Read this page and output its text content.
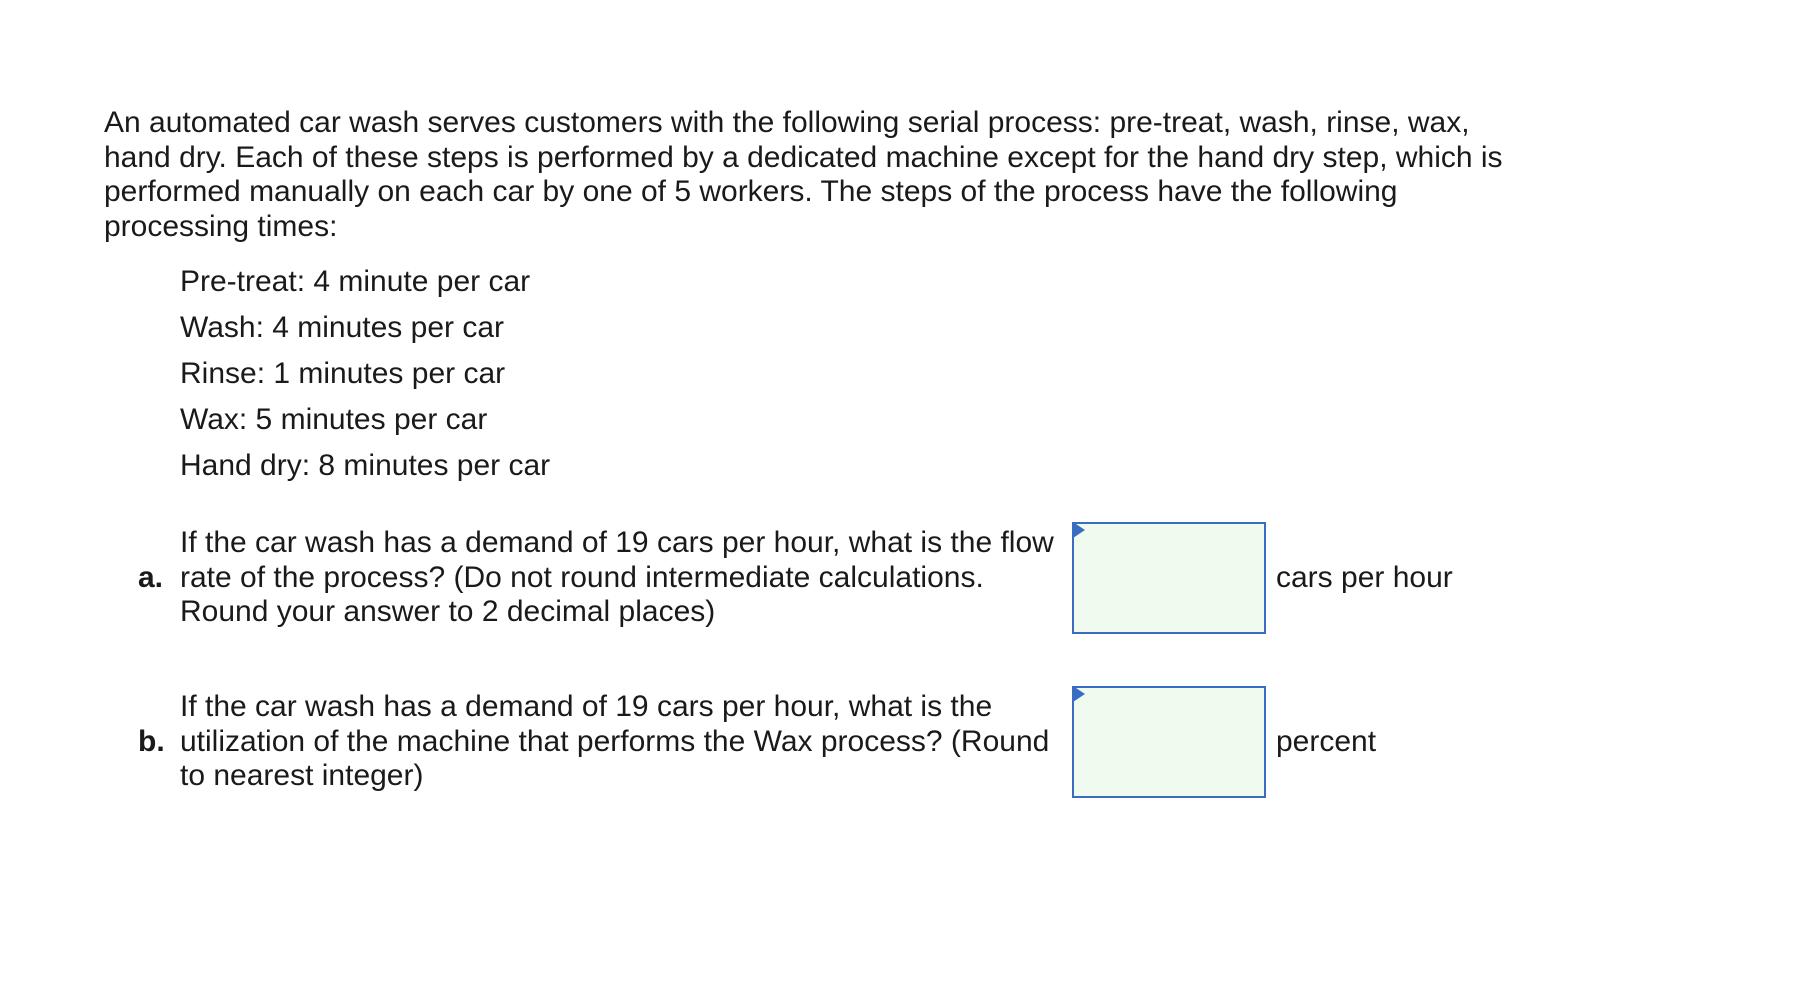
An automated car wash serves customers with the following serial process: pre-treat, wash, rinse, wax, hand dry. Each of these steps is performed by a dedicated machine except for the hand dry step, which is performed manually on each car by one of 5 workers. The steps of the process have the following processing times:

Pre-treat: 4 minute per car
Wash: 4 minutes per car
Rinse: 1 minutes per car
Wax: 5 minutes per car
Hand dry: 8 minutes per car
a.
If the car wash has a demand of 19 cars per hour, what is the flow rate of the process? (Do not round intermediate calculations. Round your answer to 2 decimal places)
cars per hour
b.
If the car wash has a demand of 19 cars per hour, what is the utilization of the machine that performs the Wax process? (Round to nearest integer)
percent
